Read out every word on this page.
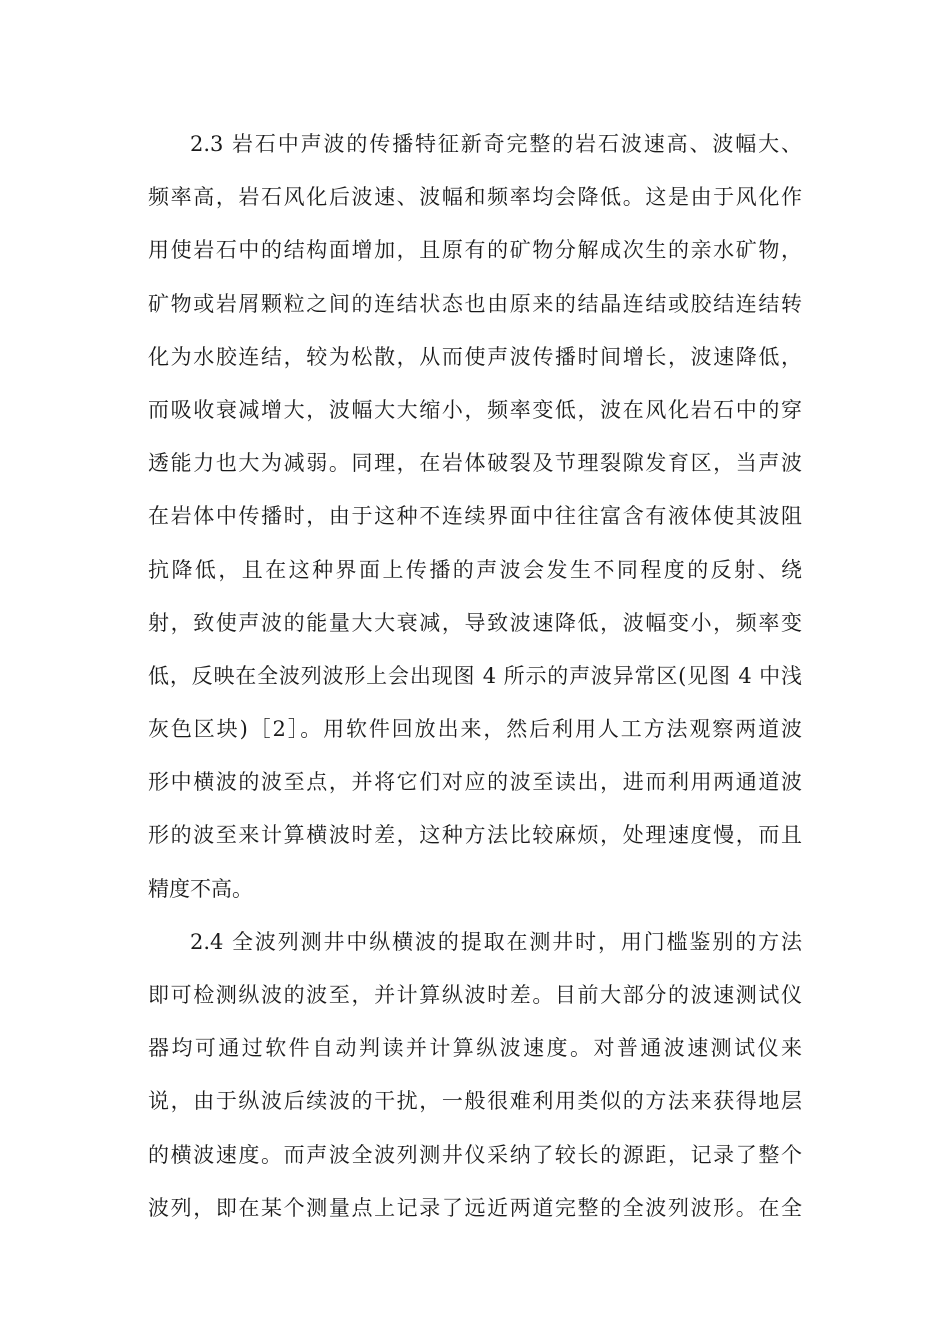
2.3 岩石中声波的传播特征新奇完整的岩石波速高、波幅大、
频率高，岩石风化后波速、波幅和频率均会降低。这是由于风化作
用使岩石中的结构面增加，且原有的矿物分解成次生的亲水矿物，
矿物或岩屑颗粒之间的连结状态也由原来的结晶连结或胶结连结转
化为水胶连结，较为松散，从而使声波传播时间增长，波速降低，
而吸收衰减增大，波幅大大缩小，频率变低，波在风化岩石中的穿
透能力也大为减弱。同理，在岩体破裂及节理裂隙发育区，当声波
在岩体中传播时，由于这种不连续界面中往往富含有液体使其波阻
抗降低，且在这种界面上传播的声波会发生不同程度的反射、绕
射，致使声波的能量大大衰减，导致波速降低，波幅变小，频率变
低，反映在全波列波形上会出现图 4 所示的声波异常区(见图 4 中浅
灰色区块)［2］。用软件回放出来，然后利用人工方法观察两道波
形中横波的波至点，并将它们对应的波至读出，进而利用两通道波
形的波至来计算横波时差，这种方法比较麻烦，处理速度慢，而且
精度不高。
2.4 全波列测井中纵横波的提取在测井时，用门槛鉴别的方法
即可检测纵波的波至，并计算纵波时差。目前大部分的波速测试仪
器均可通过软件自动判读并计算纵波速度。对普通波速测试仪来
说，由于纵波后续波的干扰，一般很难利用类似的方法来获得地层
的横波速度。而声波全波列测井仪采纳了较长的源距，记录了整个
波列，即在某个测量点上记录了远近两道完整的全波列波形。在全
